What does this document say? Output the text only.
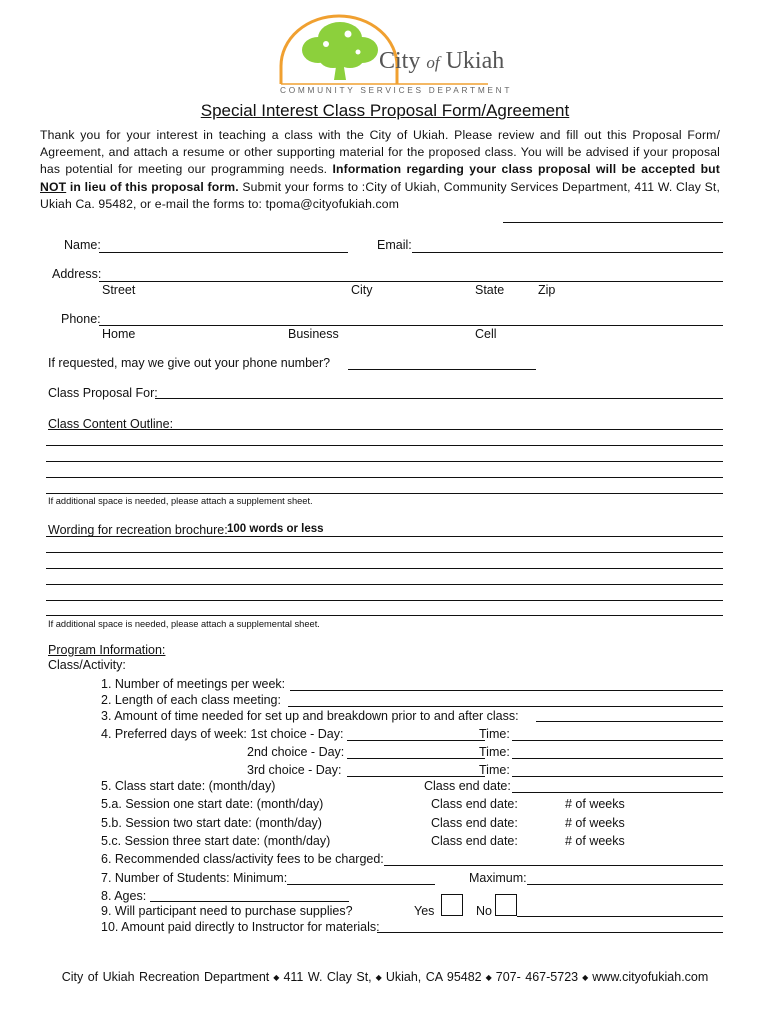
City of Ukiah
COMMUNITY SERVICES DEPARTMENT
Special Interest Class Proposal Form/Agreement
Thank you for your interest in teaching a class with the City of Ukiah. Please review and fill out this Proposal Form/ Agreement, and attach a resume or other supporting material for the proposed class. You will be advised if your proposal has potential for meeting our programming needs. Information regarding your class proposal will be accepted but NOT in lieu of this proposal form. Submit your forms to :City of Ukiah, Community Services Department, 411 W. Clay St, Ukiah Ca. 95482, or e-mail the forms to: tpoma@cityofukiah.com
Name:	Email:
Address:
Street	City	State	Zip
Phone:
Home	Business	Cell
If requested, may we give out your phone number?
Class Proposal For:
Class Content Outline:
If additional space is needed, please attach a supplement sheet.
Wording for recreation brochure: 100 words or less
If additional space is needed, please attach a supplemental sheet.
Program Information:
Class/Activity:
1. Number of meetings per week:
2. Length of each class meeting:
3. Amount of time needed for set up and breakdown prior to and after class:
4. Preferred days of week: 1st choice - Day:	Time:
2nd choice - Day:	Time:
3rd choice - Day:	Time:
5. Class start date: (month/day)	Class end date:
5.a. Session one start date: (month/day)	Class end date:	# of weeks
5.b. Session two start date: (month/day)	Class end date:	# of weeks
5.c. Session three start date: (month/day)	Class end date:	# of weeks
6. Recommended class/activity fees to be charged:
7. Number of Students: Minimum:	Maximum:
8. Ages:
9. Will participant need to purchase supplies?	Yes	No
10. Amount paid directly to Instructor for materials:
City of Ukiah Recreation Department ◆ 411 W. Clay St, ◆ Ukiah, CA 95482 ◆ 707- 467-5723 ◆ www.cityofukiah.com
